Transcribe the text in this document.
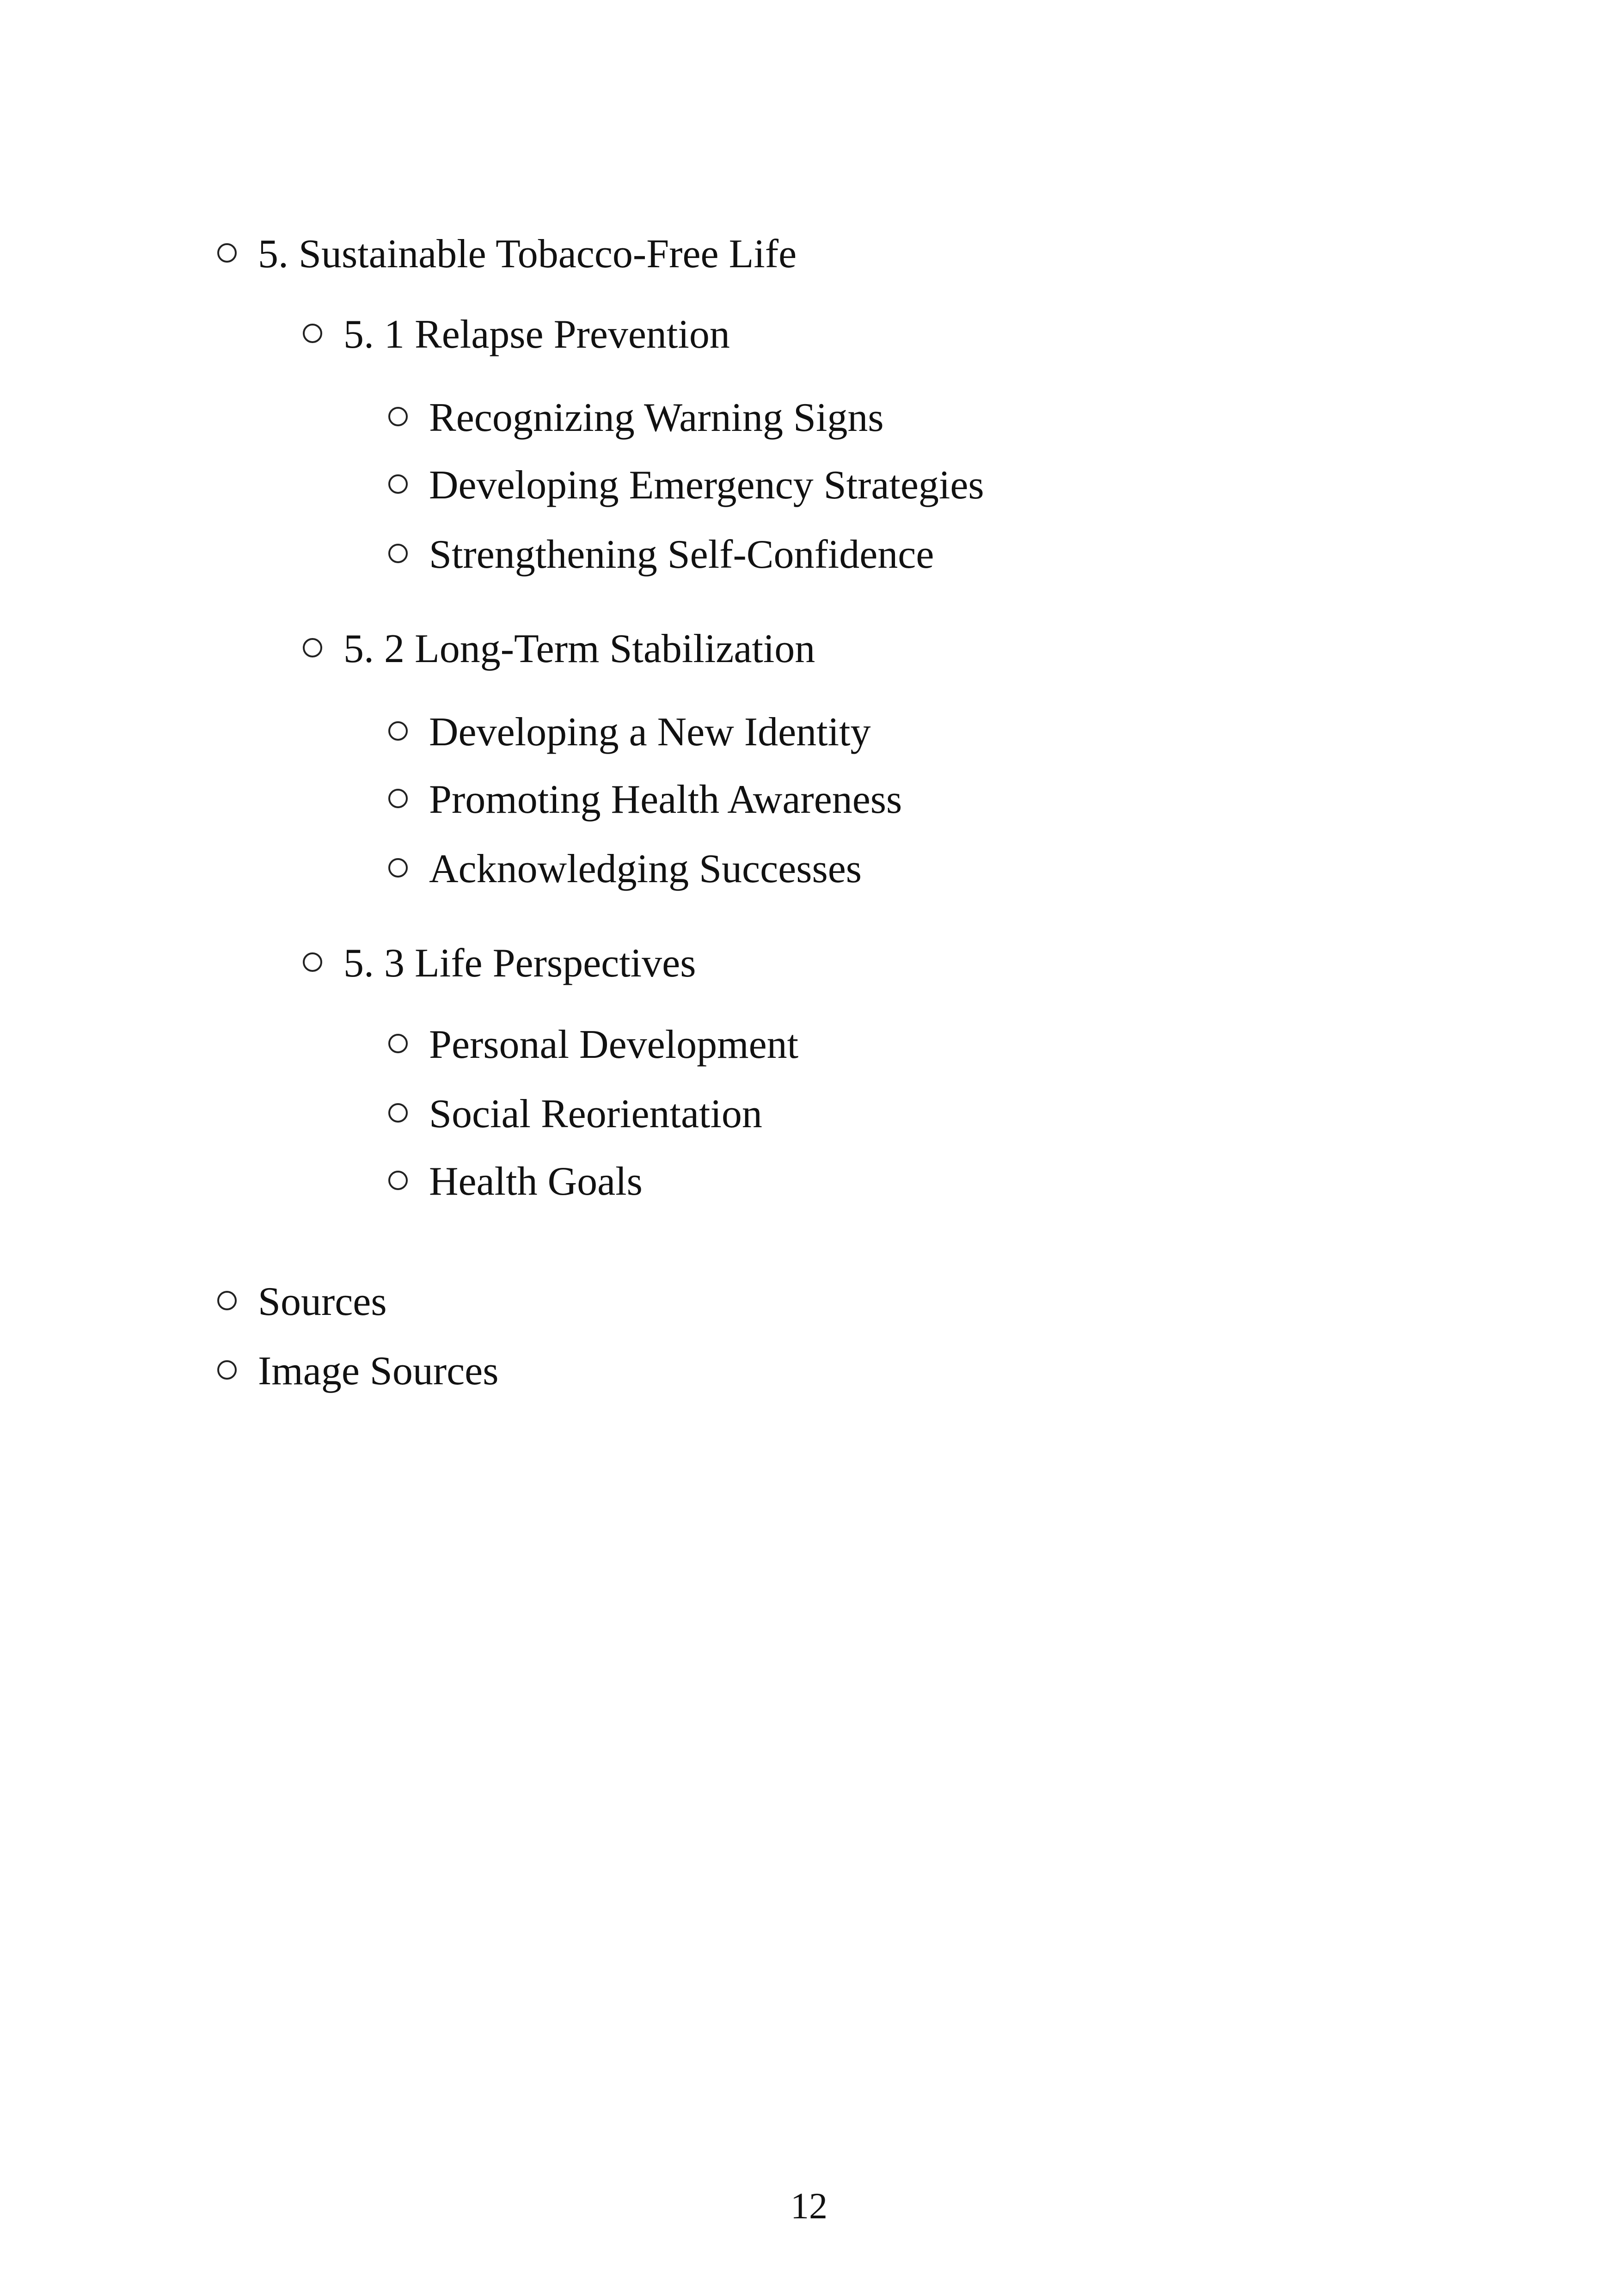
5. Sustainable Tobacco-Free Life
5. 1 Relapse Prevention
Recognizing Warning Signs
Developing Emergency Strategies
Strengthening Self-Confidence
5. 2 Long-Term Stabilization
Developing a New Identity
Promoting Health Awareness
Acknowledging Successes
5. 3 Life Perspectives
Personal Development
Social Reorientation
Health Goals
Sources
Image Sources
12
